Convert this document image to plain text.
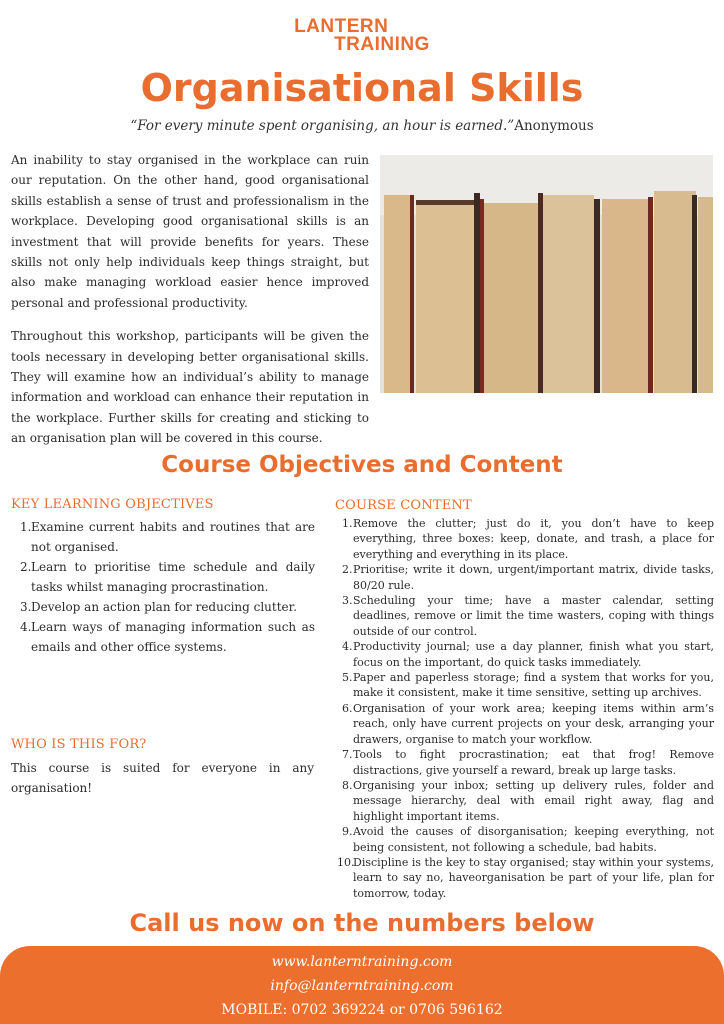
LANTERN
TRAINING
Organisational Skills
“For every minute spent organising, an hour is earned.”Anonymous

An inability to stay organised in the workplace can ruin our reputation. On the other hand, good organisational skills establish a sense of trust and professionalism in the workplace. Developing good organisational skills is an investment that will provide benefits for years. These skills not only help individuals keep things straight, but also make managing workload easier hence improved personal and professional productivity.

Throughout this workshop, participants will be given the tools necessary in developing better organisational skills. They will examine how an individual’s ability to manage information and workload can enhance their reputation in the workplace. Further skills for creating and sticking to an organisation plan will be covered in this course.

Course Objectives and Content
KEY LEARNING OBJECTIVES
1. Examine current habits and routines that are not organised.
2. Learn to prioritise time schedule and daily tasks whilst managing procrastination.
3. Develop an action plan for reducing clutter.
4. Learn ways of managing information such as emails and other office systems.
WHO IS THIS FOR?
This course is suited for everyone in any organisation!
COURSE CONTENT
1. Remove the clutter; just do it, you don’t have to keep everything, three boxes: keep, donate, and trash, a place for everything and everything in its place.
2. Prioritise; write it down, urgent/important matrix, divide tasks, 80/20 rule.
3. Scheduling your time; have a master calendar, setting deadlines, remove or limit the time wasters, coping with things outside of our control.
4. Productivity journal; use a day planner, finish what you start, focus on the important, do quick tasks immediately.
5. Paper and paperless storage; find a system that works for you, make it consistent, make it time sensitive, setting up archives.
6. Organisation of your work area; keeping items within arm’s reach, only have current projects on your desk, arranging your drawers, organise to match your workflow.
7. Tools to fight procrastination; eat that frog! Remove distractions, give yourself a reward, break up large tasks.
8. Organising your inbox; setting up delivery rules, folder and message hierarchy, deal with email right away, flag and highlight important items.
9. Avoid the causes of disorganisation; keeping everything, not being consistent, not following a schedule, bad habits.
10.
Discipline is the key to stay organised; stay within your systems, learn to say no, haveorganisation be part of your life, plan for tomorrow, today.
Call us now on the numbers below
www.lanterntraining.com
info@lanterntraining.com
MOBILE: 0702 369224 or 0706 596162
